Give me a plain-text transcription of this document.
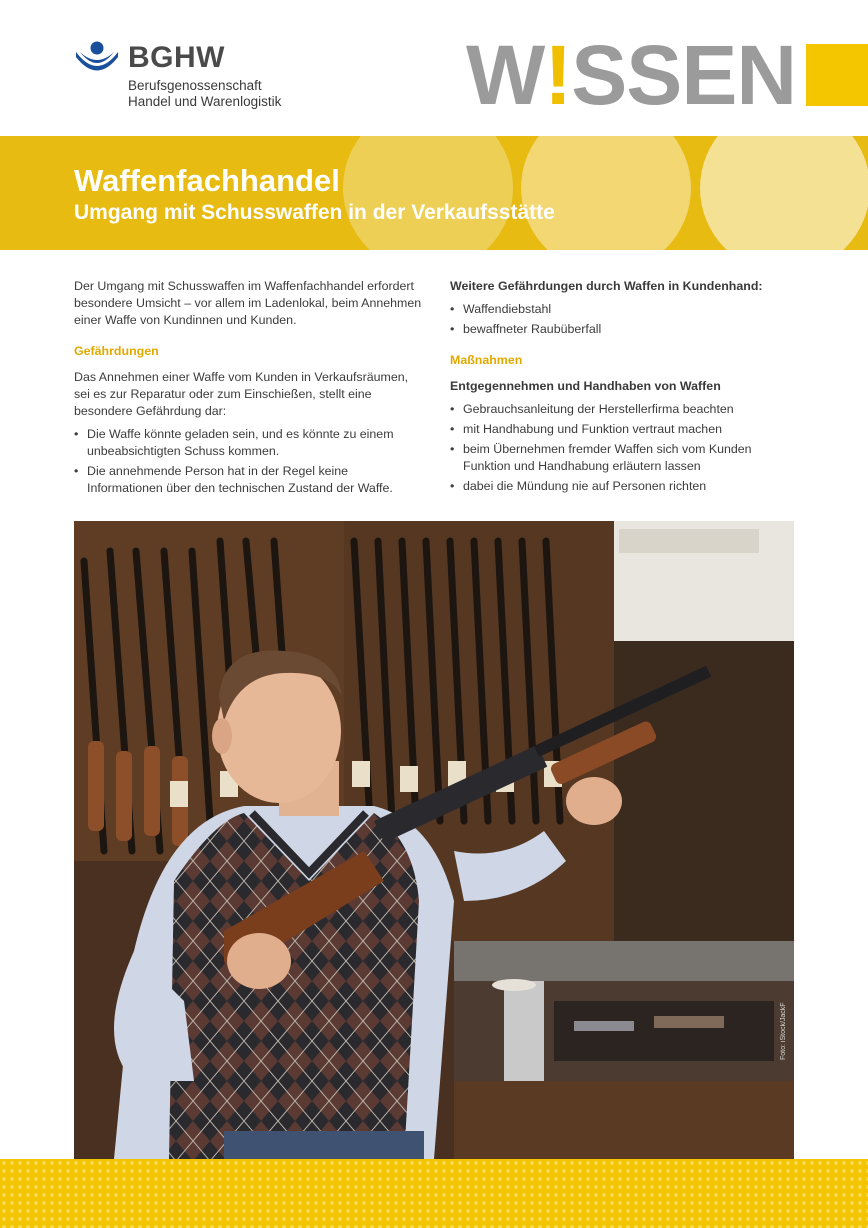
BGHW
Berufsgenossenschaft
Handel und Warenlogistik W!SSEN
Waffenfachhandel
Umgang mit Schusswaffen in der Verkaufsstätte

Der Umgang mit Schusswaffen im Waffenfachhandel erfordert besondere Umsicht – vor allem im Ladenlokal, beim Annehmen einer Waffe von Kundinnen und Kunden.

Gefährdungen

Das Annehmen einer Waffe vom Kunden in Verkaufsräumen, sei es zur Reparatur oder zum Einschießen, stellt eine besondere Gefährdung dar:

• Die Waffe könnte geladen sein, und es könnte zu einem unbeabsichtigten Schuss kommen.
• Die annehmende Person hat in der Regel keine Informationen über den technischen Zustand der Waffe.
Weitere Gefährdungen durch Waffen in Kundenhand:
• Waffendiebstahl
• bewaffneter Raubüberfall
Maßnahmen
Entgegennehmen und Handhaben von Waffen
• Gebrauchsanleitung der Herstellerfirma beachten
• mit Handhabung und Funktion vertraut machen
• beim Übernehmen fremder Waffen sich vom Kunden Funktion und Handhabung erläutern lassen
• dabei die Mündung nie auf Personen richten
Foto: iStock/JackF
